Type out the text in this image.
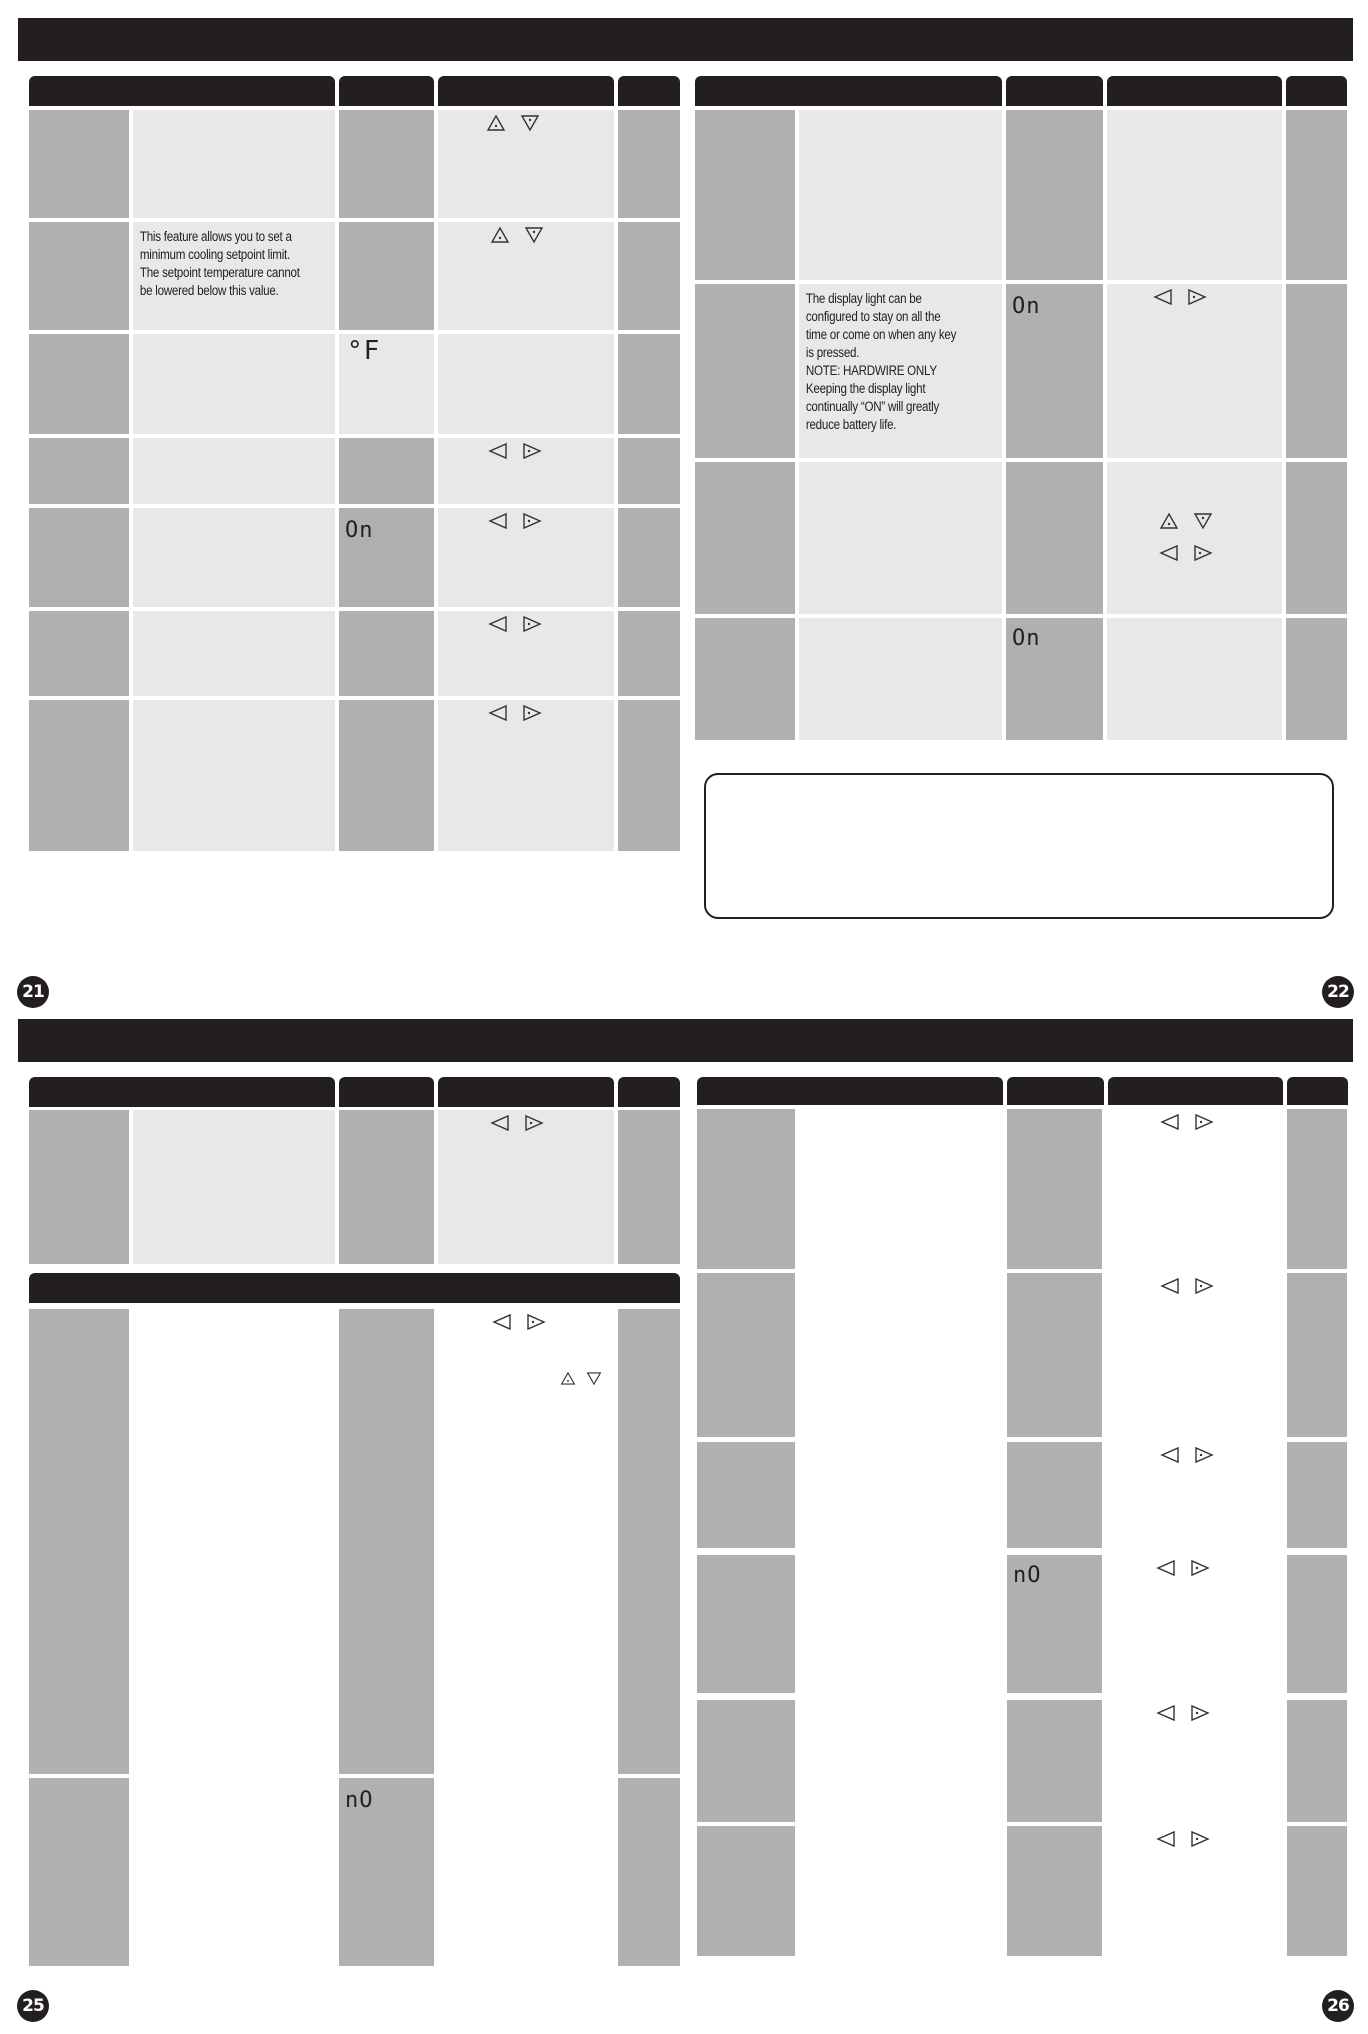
This feature allows you to set a
minimum cooling setpoint limit.
The setpoint temperature cannot
be lowered below this value.
°F
On
The display light can be
configured to stay on all the
time or come on when any key
is pressed.
NOTE: HARDWIRE ONLY
Keeping the display light
continually “ON” will greatly
reduce battery life.
On
On
21	22
nO
nO
25	26
